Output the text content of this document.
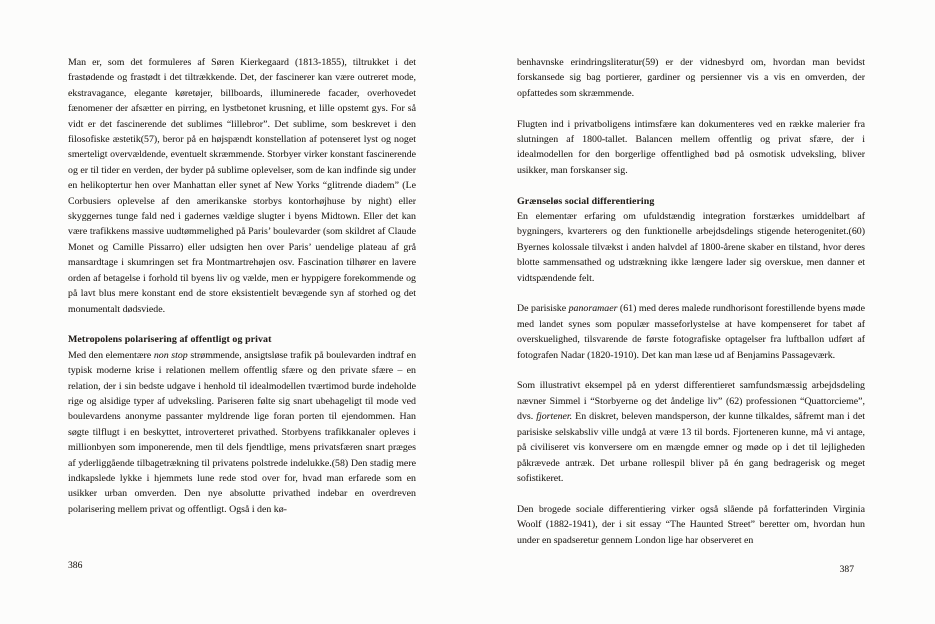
Man er, som det formuleres af Søren Kierkegaard (1813-1855), tiltrukket i det frastødende og frastødt i det tiltrækkende. Det, der fascinerer kan være outreret mode, ekstravagance, elegante køretøjer, billboards, illuminerede facader, overhovedet fænomener der afsætter en pirring, en lystbetonet krusning, et lille opstemt gys. For så vidt er det fascinerende det sublimes “lillebror”. Det sublime, som beskrevet i den filosofiske æstetik(57), beror på en højspændt konstellation af potenseret lyst og noget smerteligt overvældende, eventuelt skræmmende. Storbyer virker konstant fascinerende og er til tider en verden, der byder på sublime oplevelser, som de kan indfinde sig under en helikoptertur hen over Manhattan eller synet af New Yorks “glitrende diadem” (Le Corbusiers oplevelse af den amerikanske storbys kontorhøjhuse by night) eller skyggernes tunge fald ned i gadernes vældige slugter i byens Midtown. Eller det kan være trafikkens massive uudtømmelighed på Paris’ boulevarder (som skildret af Claude Monet og Camille Pissarro) eller udsigten hen over Paris’ uendelige plateau af grå mansardtage i skumringen set fra Montmartrehøjen osv. Fascination tilhører en lavere orden af betagelse i forhold til byens liv og vælde, men er hyppigere forekommende og på lavt blus mere konstant end de store eksistentielt bevægende syn af storhed og det monumentalt dødsviede.
Metropolens polarisering af offentligt og privat
Med den elementære non stop strømmende, ansigtsløse trafik på boulevarden indtraf en typisk moderne krise i relationen mellem offentlig sfære og den private sfære – en relation, der i sin bedste udgave i henhold til idealmodellen tværtimod burde indeholde rige og alsidige typer af udveksling. Pariseren følte sig snart ubehageligt til mode ved boulevardens anonyme passanter myldrende lige foran porten til ejendommen. Han søgte tilflugt i en beskyttet, introverteret privathed. Storbyens trafikkanaler opleves i millionbyen som imponerende, men til dels fjendtlige, mens privatsfæren snart præges af yderliggående tilbagetrækning til privatens polstrede indelukke.(58) Den stadig mere indkapslede lykke i hjemmets lune rede stod over for, hvad man erfarede som en usikker urban omverden. Den nye absolutte privathed indebar en overdreven polarisering mellem privat og offentligt. Også i den kø-
benhavnske erindringsliteratur(59) er der vidnesbyrd om, hvordan man bevidst forskansede sig bag portierer, gardiner og persienner vis a vis en omverden, der opfattedes som skræmmende.
Flugten ind i privatboligens intimsfære kan dokumenteres ved en række malerier fra slutningen af 1800-tallet. Balancen mellem offentlig og privat sfære, der i idealmodellen for den borgerlige offentlighed bød på osmotisk udveksling, bliver usikker, man forskanser sig.
Grænseløs social differentiering
En elementær erfaring om ufuldstændig integration forstærkes umiddelbart af bygningers, kvarterers og den funktionelle arbejdsdelings stigende heterogenitet.(60) Byernes kolossale tilvækst i anden halvdel af 1800-årene skaber en tilstand, hvor deres blotte sammensathed og udstrækning ikke længere lader sig overskue, men danner et vidtspændende felt.
De parisiske panoramaer (61) med deres malede rundhorisont forestillende byens møde med landet synes som populær masseforlystelse at have kompenseret for tabet af overskuelighed, tilsvarende de første fotografiske optagelser fra luftballon udført af fotografen Nadar (1820-1910). Det kan man læse ud af Benjamins Passageværk.
Som illustrativt eksempel på en yderst differentieret samfundsmæssig arbejdsdeling nævner Simmel i “Storbyerne og det åndelige liv” (62) professionen “Quattorcieme”, dvs. fjortener. En diskret, beleven mandsperson, der kunne tilkaldes, såfremt man i det parisiske selskabsliv ville undgå at være 13 til bords. Fjorteneren kunne, må vi antage, på civiliseret vis konversere om en mængde emner og møde op i det til lejligheden påkrævede antræk. Det urbane rollespil bliver på én gang bedragerisk og meget sofistikeret.
Den brogede sociale differentiering virker også slående på forfatterinden Virginia Woolf (1882-1941), der i sit essay “The Haunted Street” beretter om, hvordan hun under en spadseretur gennem London lige har observeret en
386	387
